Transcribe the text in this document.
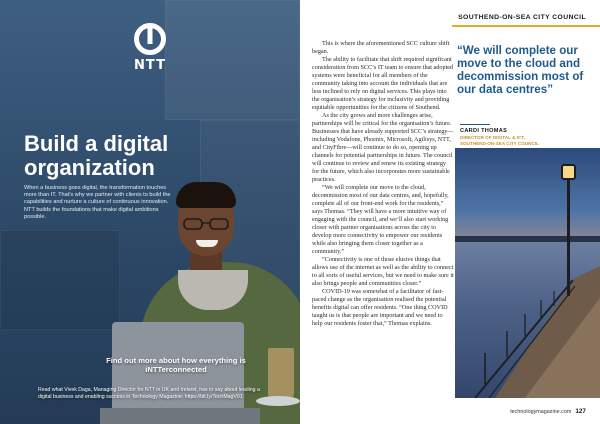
NTT
Build a digital organization
When a business goes digital, the transformation touches more than IT. That’s why we partner with clients to build the capabilities and nurture a culture of continuous innovation. NTT builds the foundations that make digital ambitions possible.
Find out more about how everything is iNTTerconnected
Read what Vivek Daga, Managing Director for NTT in UK and Ireland, has to say about leading a digital business and enabling success in Technology Magazine: https://bit.ly/TechMagV01
SOUTHEND-ON-SEA CITY COUNCIL

This is where the aforementioned SCC culture shift began.

The ability to facilitate that shift required significant consideration from SCC’s IT team to ensure that adopted systems were beneficial for all members of the community taking into account the individuals that are less inclined to rely on digital services. This plays into the organisation’s strategy for inclusivity and providing equitable opportunities for the citizens of Southend.

As the city grows and more challenges arise, partnerships will be critical for the organisation’s future. Businesses that have already supported SCC’s strategy—including Vodafone, Phoenix, Microsoft, Agilisys, NTT, and CityFibre—will continue to do so, opening up channels for potential partnerships in future. The council will continue to review and renew its existing strategy for the future, which also incorporates more sustainable practices.

“We will complete our move to the cloud, decommission most of our data centres, and, hopefully, complete all of our front-end work for the residents,” says Thomas. “They will have a more intuitive way of engaging with the council, and we’ll also start working closer with partner organisations across the city to develop more connectivity to empower our residents while also bringing them closer together as a community.”

“Connectivity is one of those elusive things that allows use of the internet as well as the ability to connect to all sorts of useful services, but we need to make sure it also brings people and communities closer.”

COVID-19 was somewhat of a facilitator of fast-paced change as the organisation realised the potential benefits digital can offer residents. “One thing COVID taught us is that people are important and we need to help our residents foster that,” Thomas explains.

“We will complete our move to the cloud and decommission most of our data centres”
CARDI THOMAS
DIRECTOR OF DIGITAL & ICT,
SOUTHEND-ON-SEA CITY COUNCIL
technologymagazine.com 127
